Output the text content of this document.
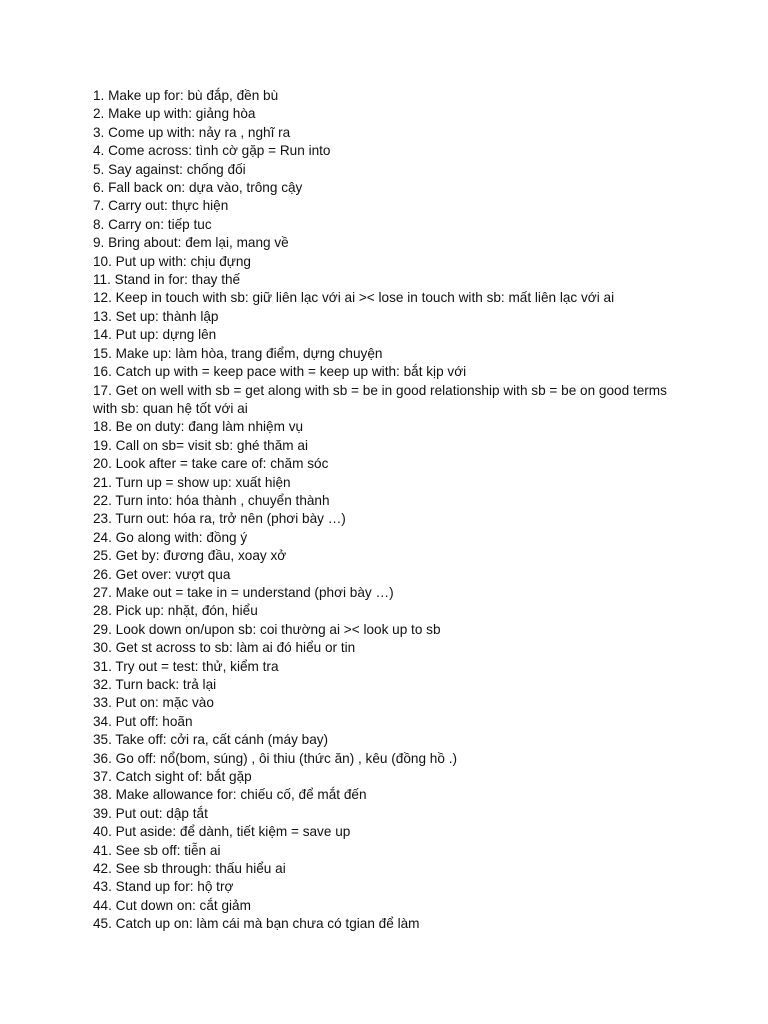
1. Make up for: bù đắp, đền bù
2. Make up with: giảng hòa
3. Come up with: nảy ra , nghĩ ra
4. Come across: tình cờ gặp = Run into
5. Say against: chống đối
6. Fall back on: dựa vào, trông cậy
7. Carry out: thực hiện
8. Carry on: tiếp tuc
9. Bring about: đem lại, mang về
10. Put up with: chịu đựng
11. Stand in for: thay thế
12. Keep in touch with sb: giữ liên lạc với ai >< lose in touch with sb: mất liên lạc với ai
13. Set up: thành lập
14. Put up: dựng lên
15. Make up: làm hòa, trang điểm, dựng chuyện
16. Catch up with = keep pace with = keep up with: bắt kịp với
17. Get on well with sb = get along with sb = be in good relationship with sb = be on good terms with sb: quan hệ tốt với ai
18. Be on duty: đang làm nhiệm vụ
19. Call on sb= visit sb: ghé thăm ai
20. Look after = take care of: chăm sóc
21. Turn up = show up: xuất hiện
22. Turn into: hóa thành , chuyển thành
23. Turn out: hóa ra, trở nên (phơi bày …)
24. Go along with: đồng ý
25. Get by: đương đầu, xoay xở
26. Get over: vượt qua
27. Make out = take in = understand (phơi bày …)
28. Pick up: nhặt, đón, hiểu
29. Look down on/upon sb: coi thường ai >< look up to sb
30. Get st across to sb: làm ai đó hiểu or tin
31. Try out = test: thử, kiểm tra
32. Turn back: trả lại
33. Put on: mặc vào
34. Put off: hoãn
35. Take off: cởi ra, cất cánh (máy bay)
36. Go off: nổ(bom, súng) , ôi thiu (thức ăn) , kêu (đồng hồ .)
37. Catch sight of: bắt gặp
38. Make allowance for: chiếu cố, để mắt đến
39. Put out: dập tắt
40. Put aside: để dành, tiết kiệm = save up
41. See sb off: tiễn ai
42. See sb through: thấu hiểu ai
43. Stand up for: hộ trợ
44. Cut down on: cắt giảm
45. Catch up on: làm cái mà bạn chưa có tgian để làm
